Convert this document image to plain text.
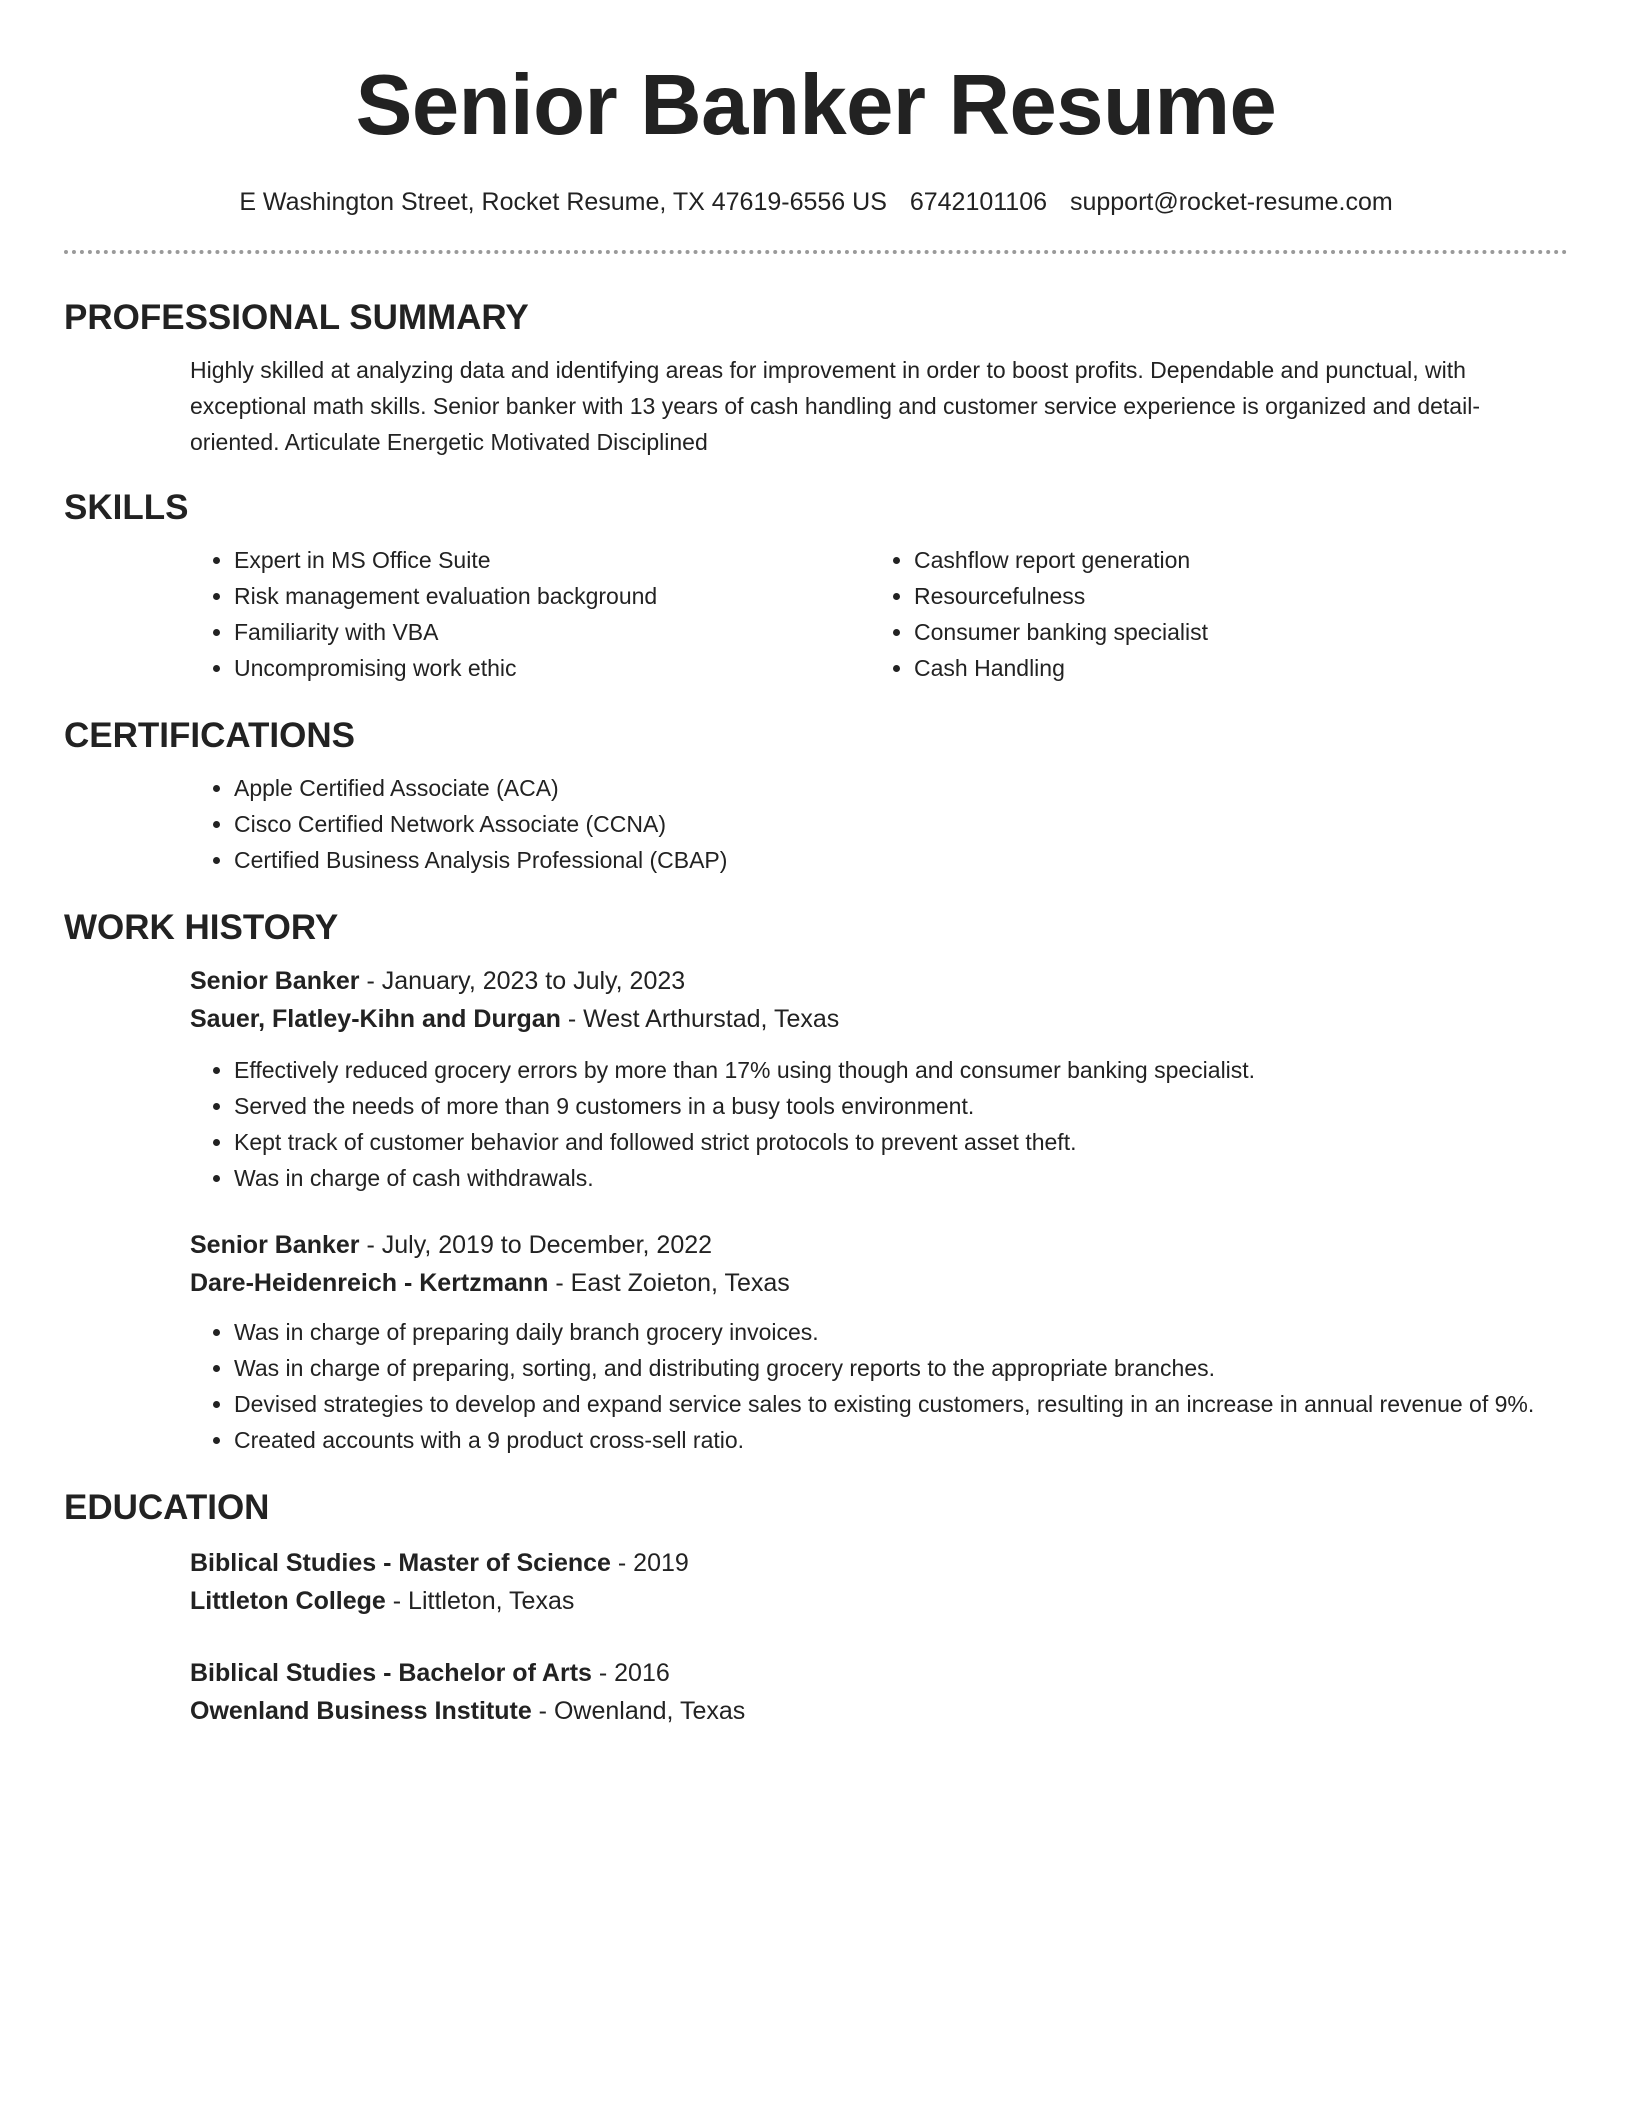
Senior Banker Resume
E Washington Street, Rocket Resume, TX 47619-6556 US 6742101106 support@rocket-resume.com
PROFESSIONAL SUMMARY
Highly skilled at analyzing data and identifying areas for improvement in order to boost profits. Dependable and punctual, with exceptional math skills. Senior banker with 13 years of cash handling and customer service experience is organized and detail-oriented. Articulate Energetic Motivated Disciplined
SKILLS
• Expert in MS Office Suite
• Risk management evaluation background
• Familiarity with VBA
• Uncompromising work ethic
• Cashflow report generation
• Resourcefulness
• Consumer banking specialist
• Cash Handling
CERTIFICATIONS
• Apple Certified Associate (ACA)
• Cisco Certified Network Associate (CCNA)
• Certified Business Analysis Professional (CBAP)
WORK HISTORY
Senior Banker - January, 2023 to July, 2023
Sauer, Flatley-Kihn and Durgan - West Arthurstad, Texas
• Effectively reduced grocery errors by more than 17% using though and consumer banking specialist.
• Served the needs of more than 9 customers in a busy tools environment.
• Kept track of customer behavior and followed strict protocols to prevent asset theft.
• Was in charge of cash withdrawals.
Senior Banker - July, 2019 to December, 2022
Dare-Heidenreich - Kertzmann - East Zoieton, Texas
• Was in charge of preparing daily branch grocery invoices.
• Was in charge of preparing, sorting, and distributing grocery reports to the appropriate branches.
• Devised strategies to develop and expand service sales to existing customers, resulting in an increase in annual revenue of 9%.
• Created accounts with a 9 product cross-sell ratio.
EDUCATION
Biblical Studies - Master of Science - 2019
Littleton College - Littleton, Texas
Biblical Studies - Bachelor of Arts - 2016
Owenland Business Institute - Owenland, Texas
